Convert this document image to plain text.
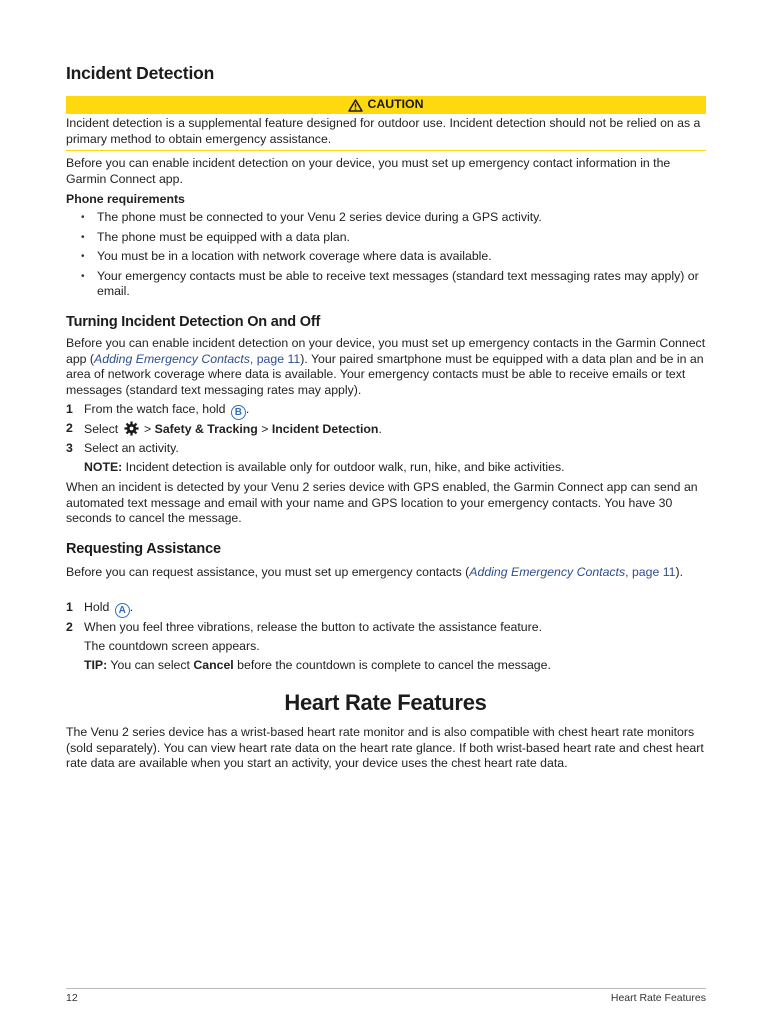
Incident Detection
CAUTION

Incident detection is a supplemental feature designed for outdoor use. Incident detection should not be relied on as a primary method to obtain emergency assistance.

Before you can enable incident detection on your device, you must set up emergency contact information in the Garmin Connect app.

Phone requirements

• The phone must be connected to your Venu 2 series device during a GPS activity.
• The phone must be equipped with a data plan.
• You must be in a location with network coverage where data is available.
• Your emergency contacts must be able to receive text messages (standard text messaging rates may apply) or email.
Turning Incident Detection On and Off

Before you can enable incident detection on your device, you must set up emergency contacts in the Garmin Connect app (Adding Emergency Contacts, page 11). Your paired smartphone must be equipped with a data plan and be in an area of network coverage where data is available. Your emergency contacts must be able to receive emails or text messages (standard text messaging rates may apply).

1 From the watch face, hold B .
2 Select  > Safety & Tracking > Incident Detection.
3 Select an activity.

NOTE: Incident detection is available only for outdoor walk, run, hike, and bike activities.

When an incident is detected by your Venu 2 series device with GPS enabled, the Garmin Connect app can send an automated text message and email with your name and GPS location to your emergency contacts. You have 30 seconds to cancel the message.

Requesting Assistance

Before you can request assistance, you must set up emergency contacts (Adding Emergency Contacts, page 11).

1 Hold A .
2 When you feel three vibrations, release the button to activate the assistance feature.

The countdown screen appears.

TIP: You can select Cancel before the countdown is complete to cancel the message.

Heart Rate Features

The Venu 2 series device has a wrist-based heart rate monitor and is also compatible with chest heart rate monitors (sold separately). You can view heart rate data on the heart rate glance. If both wrist-based heart rate and chest heart rate data are available when you start an activity, your device uses the chest heart rate data.

12	Heart Rate Features
